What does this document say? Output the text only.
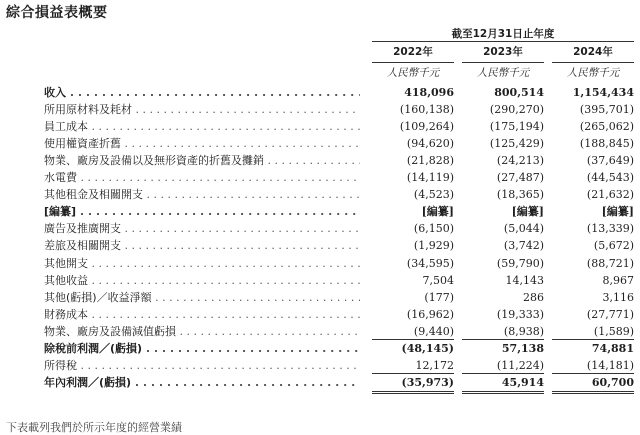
綜合損益表概要
截至12月31日止年度
2022年
人民幣千元
2023年
人民幣千元
2024年
人民幣千元
收入 . . .	418,096	800,514	1,154,434
所用原材料及耗材 . . .	(160,138)	(290,270)	(395,701)
員工成本 . . .	(109,264)	(175,194)	(265,062)
使用權資產折舊 . . .	(94,620)	(125,429)	(188,845)
物業、廠房及設備以及無形資產的折舊及攤銷 . . .	(21,828)	(24,213)	(37,649)
水電費 . . .	(14,119)	(27,487)	(44,543)
其他租金及相關開支 . . .	(4,523)	(18,365)	(21,632)
[編纂] . . .	[編纂]	[編纂]	[編纂]
廣告及推廣開支 . . .	(6,150)	(5,044)	(13,339)
差旅及相關開支 . . .	(1,929)	(3,742)	(5,672)
其他開支 . . .	(34,595)	(59,790)	(88,721)
其他收益 . . .	7,504	14,143	8,967
其他(虧損)／收益淨額 . . .	(177)	286	3,116
財務成本 . . .	(16,962)	(19,333)	(27,771)
物業、廠房及設備減值虧損 . . .	(9,440)	(8,938)	(1,589)
除稅前利潤／(虧損) . . .	(48,145)	57,138	74,881
所得稅 . . .	12,172	(11,224)	(14,181)
年內利潤／(虧損) . . .	(35,973)	45,914	60,700
下表載列我們於所示年度的經營業績
